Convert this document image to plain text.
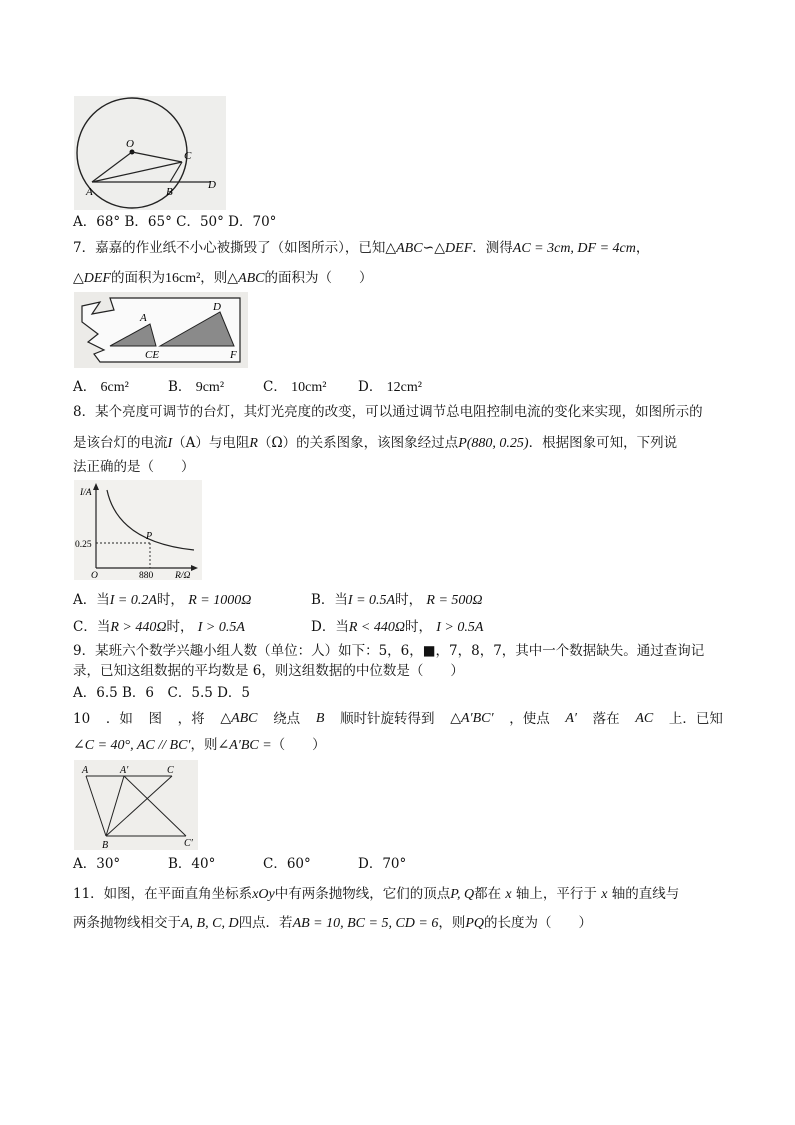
O
C
A	B
D
A．68° B．65° C．50° D．70°
7．嘉嘉的作业纸不小心被撕毁了（如图所示），已知△ABC∽△DEF．测得AC = 3cm, DF = 4cm，
△DEF的面积为16cm²，则△ABC的面积为（　　）
A
D
CE	F
A． 6cm²	B． 9cm²	C． 10cm² D． 12cm²
8．某个亮度可调节的台灯，其灯光亮度的改变，可以通过调节总电阻控制电流的变化来实现，如图所示的
是该台灯的电流I（A）与电阻R（Ω）的关系图象，该图象经过点P(880, 0.25)．根据图象可知，下列说
法正确的是（　　）
I/A
R/Ω
0.25
880
O
P
A．当I = 0.2A时， R = 1000Ω	B．当I = 0.5A时， R = 500Ω
C．当R > 440Ω时， I > 0.5A	D．当R < 440Ω时， I > 0.5A
9．某班六个数学兴趣小组人数（单位：人）如下：5，6，■，7，8，7，其中一个数据缺失。通过查询记
录，已知这组数据的平均数是 6，则这组数据的中位数是（　　）
A．6.5 B．6　C．5.5 D．5
10 ．如 图 ，将 △ABC 绕点 B 顺时针旋转得到 △A′BC′ ，使点 A′ 落在 AC 上．已知
∠C = 40°, AC // BC′，则∠A′BC =（　　）
A	A′	C
B	C′
A．30°	B．40°	C．60°	D．70°
11．如图，在平面直角坐标系xOy中有两条抛物线，它们的顶点P, Q都在 x 轴上，平行于 x 轴的直线与
两条抛物线相交于A, B, C, D四点．若AB = 10, BC = 5, CD = 6，则PQ的长度为（　　）
